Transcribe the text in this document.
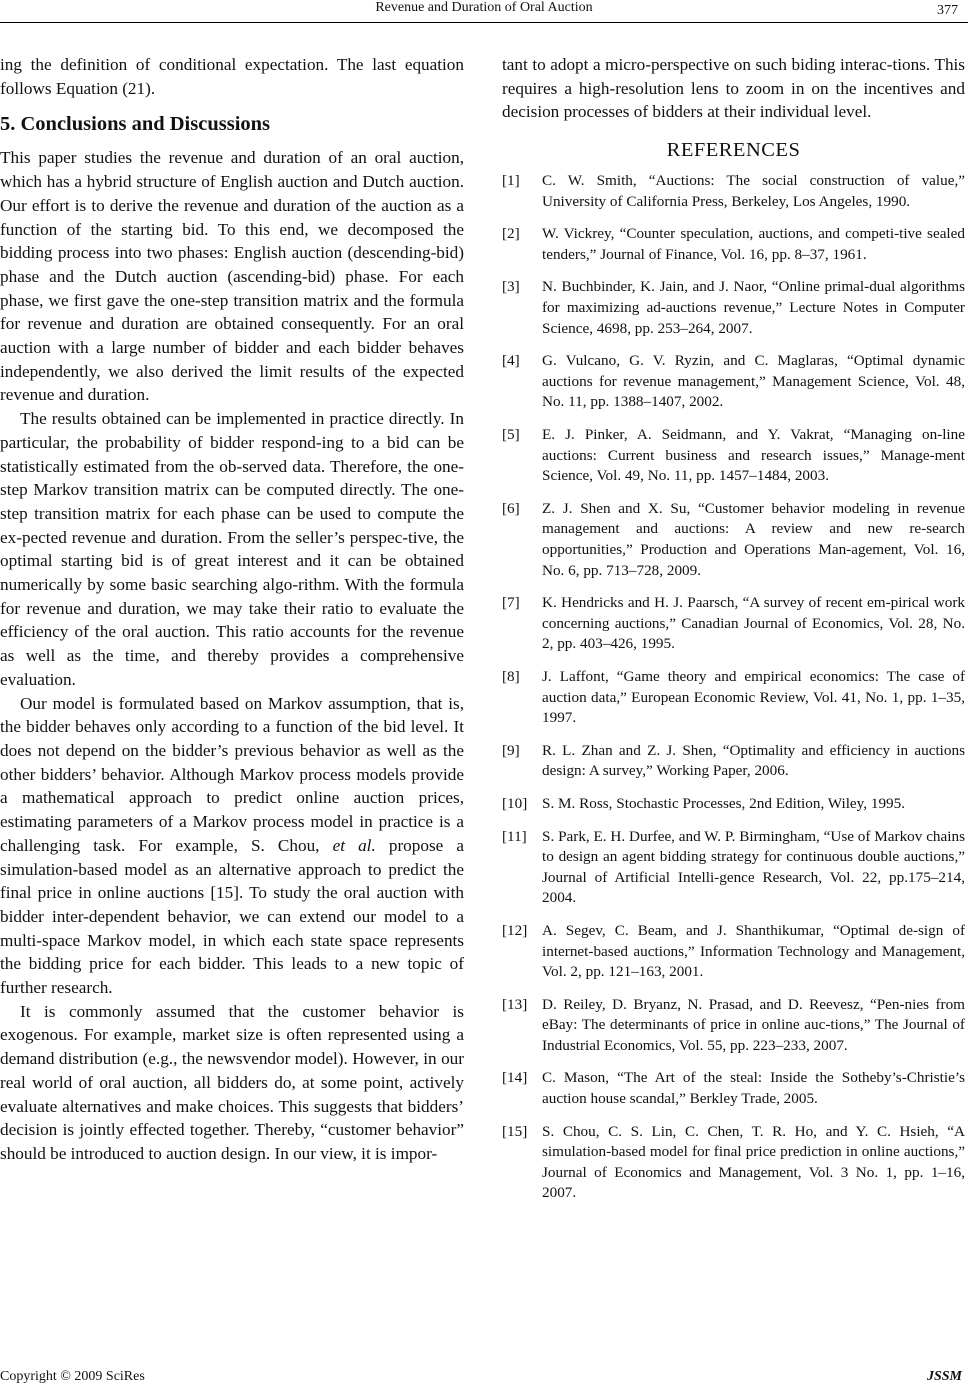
Revenue and Duration of Oral Auction	377

ing the definition of conditional expectation. The last equation follows Equation (21).

5. Conclusions and Discussions

This paper studies the revenue and duration of an oral auction, which has a hybrid structure of English auction and Dutch auction. Our effort is to derive the revenue and duration of the auction as a function of the starting bid. To this end, we decomposed the bidding process into two phases: English auction (descending-bid) phase and the Dutch auction (ascending-bid) phase. For each phase, we first gave the one-step transition matrix and the formula for revenue and duration are obtained consequently. For an oral auction with a large number of bidder and each bidder behaves independently, we also derived the limit results of the expected revenue and duration.

The results obtained can be implemented in practice directly. In particular, the probability of bidder respond-ing to a bid can be statistically estimated from the ob-served data. Therefore, the one-step Markov transition matrix can be computed directly. The one-step transition matrix for each phase can be used to compute the ex-pected revenue and duration. From the seller’s perspec-tive, the optimal starting bid is of great interest and it can be obtained numerically by some basic searching algo-rithm. With the formula for revenue and duration, we may take their ratio to evaluate the efficiency of the oral auction. This ratio accounts for the revenue as well as the time, and thereby provides a comprehensive evaluation.

Our model is formulated based on Markov assumption, that is, the bidder behaves only according to a function of the bid level. It does not depend on the bidder’s previous behavior as well as the other bidders’ behavior. Although Markov process models provide a mathematical approach to predict online auction prices, estimating parameters of a Markov process model in practice is a challenging task. For example, S. Chou, et al. propose a simulation-based model as an alternative approach to predict the final price in online auctions [15]. To study the oral auction with bidder inter-dependent behavior, we can extend our model to a multi-space Markov model, in which each state space represents the bidding price for each bidder. This leads to a new topic of further research.

It is commonly assumed that the customer behavior is exogenous. For example, market size is often represented using a demand distribution (e.g., the newsvendor model). However, in our real world of oral auction, all bidders do, at some point, actively evaluate alternatives and make choices. This suggests that bidders’ decision is jointly effected together. Thereby, “customer behavior” should be introduced to auction design. In our view, it is impor-

tant to adopt a micro-perspective on such biding interac-tions. This requires a high-resolution lens to zoom in on the incentives and decision processes of bidders at their individual level.

REFERENCES
[1] C. W. Smith, “Auctions: The social construction of value,” University of California Press, Berkeley, Los Angeles, 1990.
[2] W. Vickrey, “Counter speculation, auctions, and competi-tive sealed tenders,” Journal of Finance, Vol. 16, pp. 8–37, 1961.
[3] N. Buchbinder, K. Jain, and J. Naor, “Online primal-dual algorithms for maximizing ad-auctions revenue,” Lecture Notes in Computer Science, 4698, pp. 253–264, 2007.
[4] G. Vulcano, G. V. Ryzin, and C. Maglaras, “Optimal dynamic auctions for revenue management,” Management Science, Vol. 48, No. 11, pp. 1388–1407, 2002.
[5] E. J. Pinker, A. Seidmann, and Y. Vakrat, “Managing on-line auctions: Current business and research issues,” Manage-ment Science, Vol. 49, No. 11, pp. 1457–1484, 2003.
[6] Z. J. Shen and X. Su, “Customer behavior modeling in revenue management and auctions: A review and new re-search opportunities,” Production and Operations Man-agement, Vol. 16, No. 6, pp. 713–728, 2009.
[7] K. Hendricks and H. J. Paarsch, “A survey of recent em-pirical work concerning auctions,” Canadian Journal of Economics, Vol. 28, No. 2, pp. 403–426, 1995.
[8] J. Laffont, “Game theory and empirical economics: The case of auction data,” European Economic Review, Vol. 41, No. 1, pp. 1–35, 1997.
[9] R. L. Zhan and Z. J. Shen, “Optimality and efficiency in auctions design: A survey,” Working Paper, 2006.
[10] S. M. Ross, Stochastic Processes, 2nd Edition, Wiley, 1995.
[11] S. Park, E. H. Durfee, and W. P. Birmingham, “Use of Markov chains to design an agent bidding strategy for continuous double auctions,” Journal of Artificial Intelli-gence Research, Vol. 22, pp.175–214, 2004.
[12] A. Segev, C. Beam, and J. Shanthikumar, “Optimal de-sign of internet-based auctions,” Information Technology and Management, Vol. 2, pp. 121–163, 2001.
[13] D. Reiley, D. Bryanz, N. Prasad, and D. Reevesz, “Pen-nies from eBay: The determinants of price in online auc-tions,” The Journal of Industrial Economics, Vol. 55, pp. 223–233, 2007.
[14] C. Mason, “The Art of the steal: Inside the Sotheby’s-Christie’s auction house scandal,” Berkley Trade, 2005.
[15] S. Chou, C. S. Lin, C. Chen, T. R. Ho, and Y. C. Hsieh, “A simulation-based model for final price prediction in online auctions,” Journal of Economics and Management, Vol. 3 No. 1, pp. 1–16, 2007.
Copyright © 2009 SciRes	JSSM
